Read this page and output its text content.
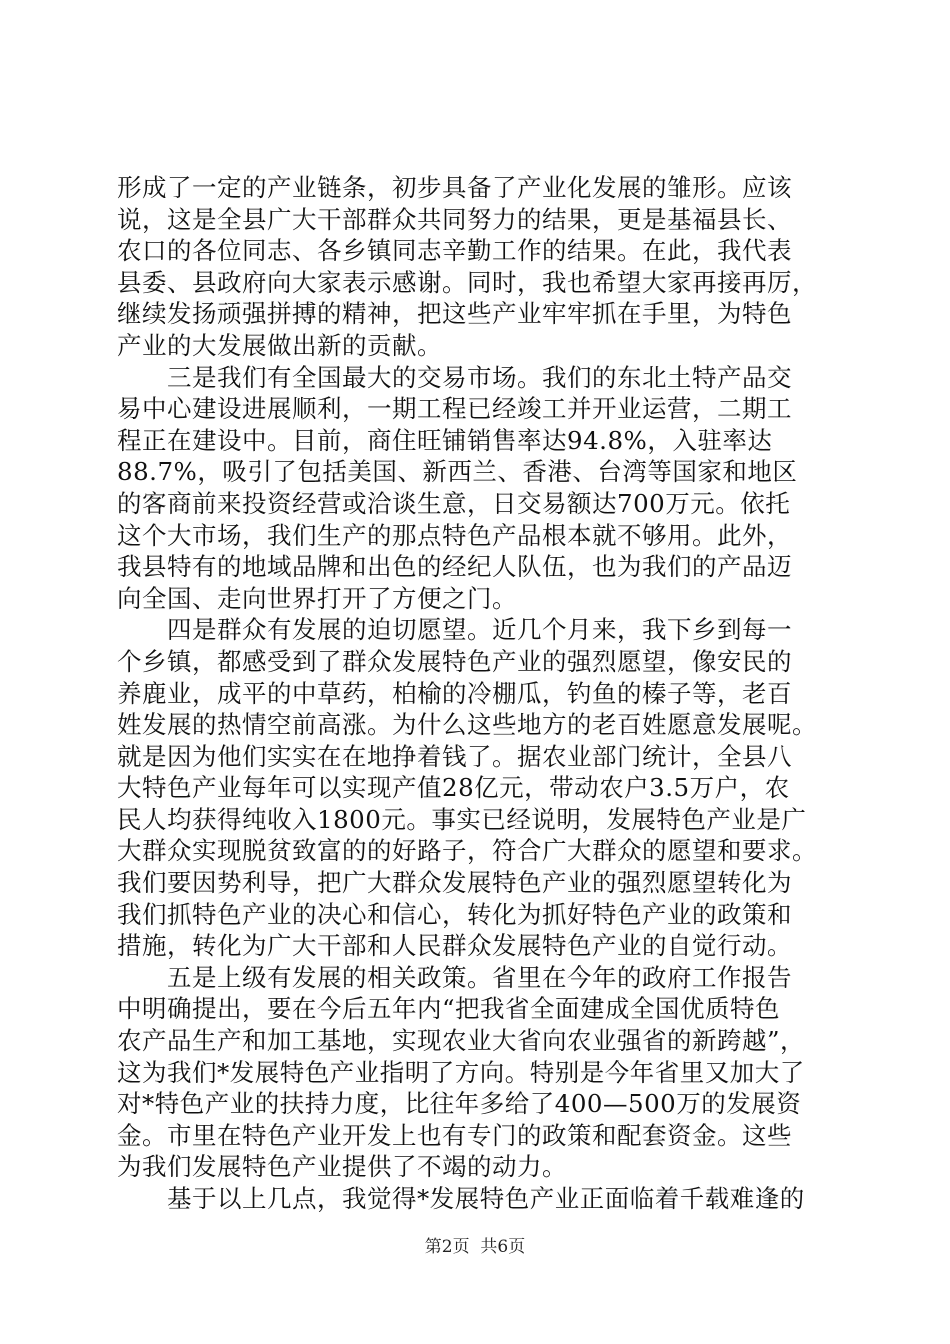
形成了一定的产业链条，初步具备了产业化发展的雏形。应该
说，这是全县广大干部群众共同努力的结果，更是基福县长、
农口的各位同志、各乡镇同志辛勤工作的结果。在此，我代表
县委、县政府向大家表示感谢。同时，我也希望大家再接再厉，
继续发扬顽强拼搏的精神，把这些产业牢牢抓在手里，为特色
产业的大发展做出新的贡献。
　　三是我们有全国最大的交易市场。我们的东北土特产品交
易中心建设进展顺利，一期工程已经竣工并开业运营，二期工
程正在建设中。目前，商住旺铺销售率达94.8%，入驻率达
88.7%，吸引了包括美国、新西兰、香港、台湾等国家和地区
的客商前来投资经营或洽谈生意，日交易额达700万元。依托
这个大市场，我们生产的那点特色产品根本就不够用。此外，
我县特有的地域品牌和出色的经纪人队伍，也为我们的产品迈
向全国、走向世界打开了方便之门。
　　四是群众有发展的迫切愿望。近几个月来，我下乡到每一
个乡镇，都感受到了群众发展特色产业的强烈愿望，像安民的
养鹿业，成平的中草药，柏榆的冷棚瓜，钓鱼的榛子等，老百
姓发展的热情空前高涨。为什么这些地方的老百姓愿意发展呢。
就是因为他们实实在在地挣着钱了。据农业部门统计，全县八
大特色产业每年可以实现产值28亿元，带动农户3.5万户，农
民人均获得纯收入1800元。事实已经说明，发展特色产业是广
大群众实现脱贫致富的的好路子，符合广大群众的愿望和要求。
我们要因势利导，把广大群众发展特色产业的强烈愿望转化为
我们抓特色产业的决心和信心，转化为抓好特色产业的政策和
措施，转化为广大干部和人民群众发展特色产业的自觉行动。
　　五是上级有发展的相关政策。省里在今年的政府工作报告
中明确提出，要在今后五年内“把我省全面建成全国优质特色
农产品生产和加工基地，实现农业大省向农业强省的新跨越”，
这为我们*发展特色产业指明了方向。特别是今年省里又加大了
对*特色产业的扶持力度，比往年多给了400—500万的发展资
金。市里在特色产业开发上也有专门的政策和配套资金。这些
为我们发展特色产业提供了不竭的动力。
　　基于以上几点，我觉得*发展特色产业正面临着千载难逢的
第2页  共6页
